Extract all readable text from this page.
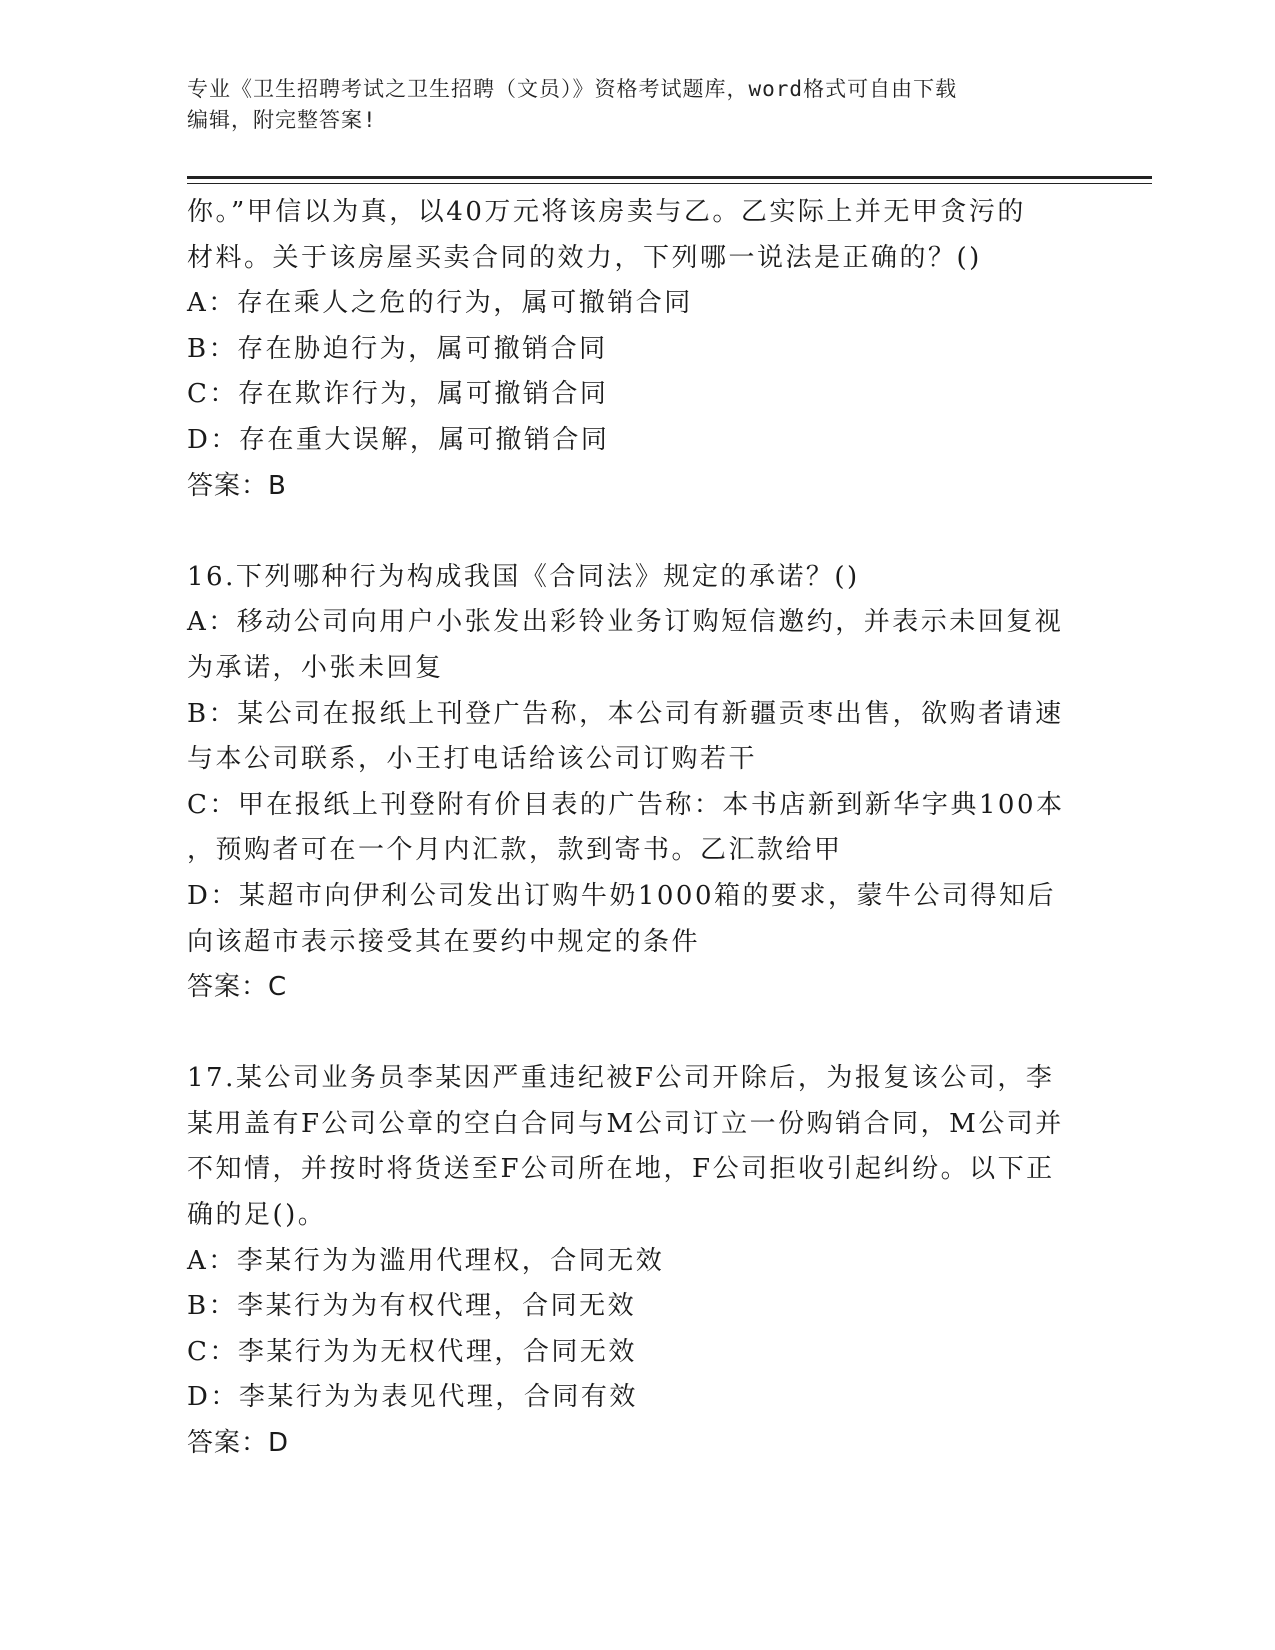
专业《卫生招聘考试之卫生招聘（文员）》资格考试题库，word格式可自由下载
编辑，附完整答案!
你。”甲信以为真，以40万元将该房卖与乙。乙实际上并无甲贪污的
材料。关于该房屋买卖合同的效力，下列哪一说法是正确的？()
A：存在乘人之危的行为，属可撤销合同
B：存在胁迫行为，属可撤销合同
C：存在欺诈行为，属可撤销合同
D：存在重大误解，属可撤销合同
答案：B
16.下列哪种行为构成我国《合同法》规定的承诺？()
A：移动公司向用户小张发出彩铃业务订购短信邀约，并表示未回复视
为承诺，小张未回复
B：某公司在报纸上刊登广告称，本公司有新疆贡枣出售，欲购者请速
与本公司联系，小王打电话给该公司订购若干
C：甲在报纸上刊登附有价目表的广告称：本书店新到新华字典100本
，预购者可在一个月内汇款，款到寄书。乙汇款给甲
D：某超市向伊利公司发出订购牛奶1000箱的要求，蒙牛公司得知后
向该超市表示接受其在要约中规定的条件
答案：C
17.某公司业务员李某因严重违纪被F公司开除后，为报复该公司，李
某用盖有F公司公章的空白合同与M公司订立一份购销合同，M公司并
不知情，并按时将货送至F公司所在地，F公司拒收引起纠纷。以下正
确的足()。
A：李某行为为滥用代理权，合同无效
B：李某行为为有权代理，合同无效
C：李某行为为无权代理，合同无效
D：李某行为为表见代理，合同有效
答案：D
